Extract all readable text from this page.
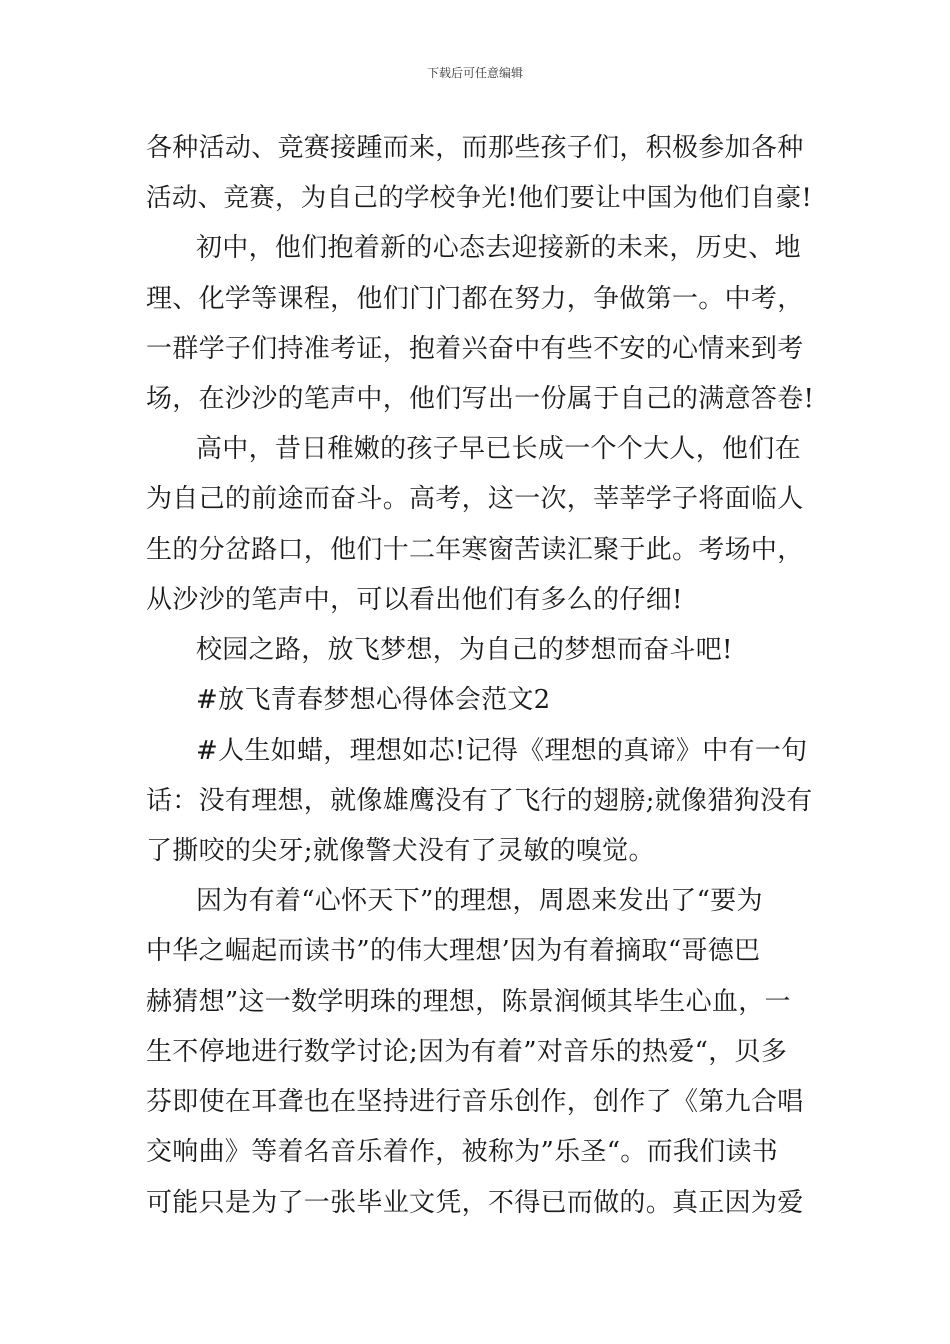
下载后可任意编辑
各种活动、竞赛接踵而来，而那些孩子们，积极参加各种
活动、竞赛，为自己的学校争光!他们要让中国为他们自豪!
初中，他们抱着新的心态去迎接新的未来，历史、地
理、化学等课程，他们门门都在努力，争做第一。中考，
一群学子们持准考证，抱着兴奋中有些不安的心情来到考
场，在沙沙的笔声中，他们写出一份属于自己的满意答卷!
高中，昔日稚嫩的孩子早已长成一个个大人，他们在
为自己的前途而奋斗。高考，这一次，莘莘学子将面临人
生的分岔路口，他们十二年寒窗苦读汇聚于此。考场中，
从沙沙的笔声中，可以看出他们有多么的仔细!
校园之路，放飞梦想，为自己的梦想而奋斗吧!
#放飞青春梦想心得体会范文2
#人生如蜡，理想如芯!记得《理想的真谛》中有一句
话：没有理想，就像雄鹰没有了飞行的翅膀;就像猎狗没有
了撕咬的尖牙;就像警犬没有了灵敏的嗅觉。
因为有着“心怀天下”的理想，周恩来发出了“要为
中华之崛起而读书”的伟大理想’因为有着摘取“哥德巴
赫猜想”这一数学明珠的理想，陈景润倾其毕生心血，一
生不停地进行数学讨论;因为有着”对音乐的热爱“，贝多
芬即使在耳聋也在坚持进行音乐创作，创作了《第九合唱
交响曲》等着名音乐着作，被称为”乐圣“。而我们读书
可能只是为了一张毕业文凭，不得已而做的。真正因为爱
